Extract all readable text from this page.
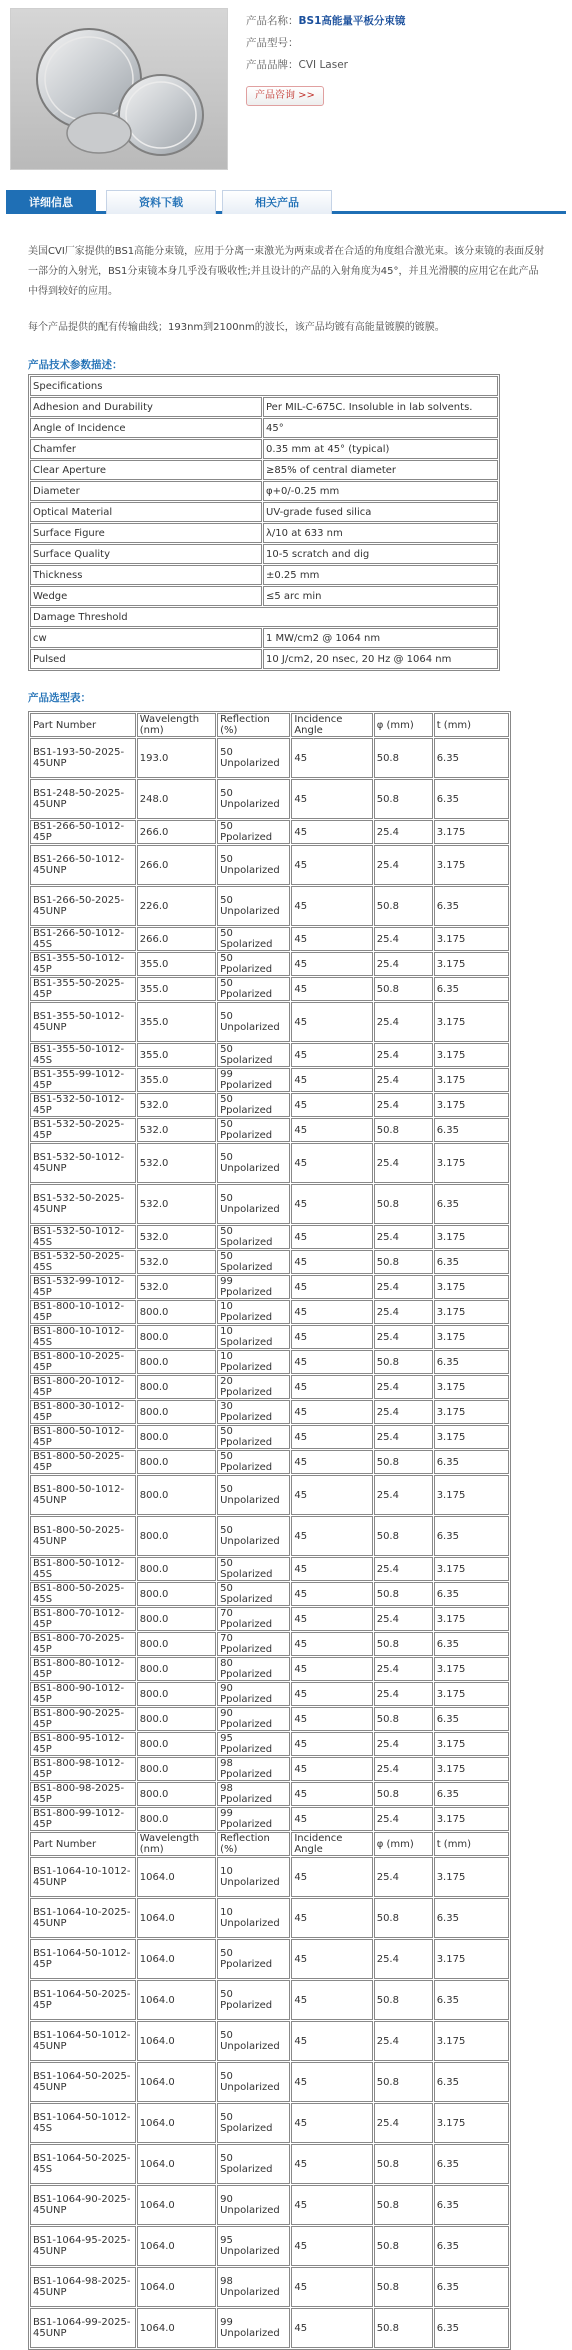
产品名称：BS1高能量平板分束镜
产品型号：
产品品牌：CVI Laser
产品咨询 >>
详细信息	资料下载	相关产品

美国CVI厂家提供的BS1高能分束镜，应用于分离一束激光为两束或者在合适的角度组合激光束。该分束镜的表面反射一部分的入射光，BS1分束镜本身几乎没有吸收性;并且设计的产品的入射角度为45°，并且光滑膜的应用它在此产品中得到较好的应用。

每个产品提供的配有传输曲线；193nm到2100nm的波长，该产品均镀有高能量镀膜的镀膜。

产品技术参数描述：
Specifications	
Adhesion and Durability	Per MIL-C-675C. Insoluble in lab solvents.
Angle of Incidence	45°
Chamfer	0.35 mm at 45° (typical)
Clear Aperture	≥85% of central diameter
Diameter	φ+0/-0.25 mm
Optical Material	UV-grade fused silica
Surface Figure	λ/10 at 633 nm
Surface Quality	10-5 scratch and dig
Thickness	±0.25 mm
Wedge	≤5 arc min
Damage Threshold	
cw	1 MW/cm2 @ 1064 nm
Pulsed	10 J/cm2, 20 nsec, 20 Hz @ 1064 nm
产品选型表：
Part Number	Wavelength (nm)	Reflection (%)	Incidence Angle	φ (mm)	t (mm)
BS1-193-50-2025-45UNP	193.0	50 Unpolarized	45	50.8	6.35
BS1-248-50-2025-45UNP	248.0	50 Unpolarized	45	50.8	6.35
BS1-266-50-1012-45P	266.0	50 Ppolarized	45	25.4	3.175
BS1-266-50-1012-45UNP	266.0	50 Unpolarized	45	25.4	3.175
BS1-266-50-2025-45UNP	226.0	50 Unpolarized	45	50.8	6.35
BS1-266-50-1012-45S	266.0	50 Spolarized	45	25.4	3.175
BS1-355-50-1012-45P	355.0	50 Ppolarized	45	25.4	3.175
BS1-355-50-2025-45P	355.0	50 Ppolarized	45	50.8	6.35
BS1-355-50-1012-45UNP	355.0	50 Unpolarized	45	25.4	3.175
BS1-355-50-1012-45S	355.0	50 Spolarized	45	25.4	3.175
BS1-355-99-1012-45P	355.0	99 Ppolarized	45	25.4	3.175
BS1-532-50-1012-45P	532.0	50 Ppolarized	45	25.4	3.175
BS1-532-50-2025-45P	532.0	50 Ppolarized	45	50.8	6.35
BS1-532-50-1012-45UNP	532.0	50 Unpolarized	45	25.4	3.175
BS1-532-50-2025-45UNP	532.0	50 Unpolarized	45	50.8	6.35
BS1-532-50-1012-45S	532.0	50 Spolarized	45	25.4	3.175
BS1-532-50-2025-45S	532.0	50 Spolarized	45	50.8	6.35
BS1-532-99-1012-45P	532.0	99 Ppolarized	45	25.4	3.175
BS1-800-10-1012-45P	800.0	10 Ppolarized	45	25.4	3.175
BS1-800-10-1012-45S	800.0	10 Spolarized	45	25.4	3.175
BS1-800-10-2025-45P	800.0	10 Ppolarized	45	50.8	6.35
BS1-800-20-1012-45P	800.0	20 Ppolarized	45	25.4	3.175
BS1-800-30-1012-45P	800.0	30 Ppolarized	45	25.4	3.175
BS1-800-50-1012-45P	800.0	50 Ppolarized	45	25.4	3.175
BS1-800-50-2025-45P	800.0	50 Ppolarized	45	50.8	6.35
BS1-800-50-1012-45UNP	800.0	50 Unpolarized	45	25.4	3.175
BS1-800-50-2025-45UNP	800.0	50 Unpolarized	45	50.8	6.35
BS1-800-50-1012-45S	800.0	50 Spolarized	45	25.4	3.175
BS1-800-50-2025-45S	800.0	50 Spolarized	45	50.8	6.35
BS1-800-70-1012-45P	800.0	70 Ppolarized	45	25.4	3.175
BS1-800-70-2025-45P	800.0	70 Ppolarized	45	50.8	6.35
BS1-800-80-1012-45P	800.0	80 Ppolarized	45	25.4	3.175
BS1-800-90-1012-45P	800.0	90 Ppolarized	45	25.4	3.175
BS1-800-90-2025-45P	800.0	90 Ppolarized	45	50.8	6.35
BS1-800-95-1012-45P	800.0	95 Ppolarized	45	25.4	3.175
BS1-800-98-1012-45P	800.0	98 Ppolarized	45	25.4	3.175
BS1-800-98-2025-45P	800.0	98 Ppolarized	45	50.8	6.35
BS1-800-99-1012-45P	800.0	99 Ppolarized	45	25.4	3.175
Part Number	Wavelength (nm)	Reflection (%)	Incidence Angle	φ (mm)	t (mm)
BS1-1064-10-1012-45UNP	1064.0	10 Unpolarized	45	25.4	3.175
BS1-1064-10-2025-45UNP	1064.0	10 Unpolarized	45	50.8	6.35
BS1-1064-50-1012-45P	1064.0	50 Ppolarized	45	25.4	3.175
BS1-1064-50-2025-45P	1064.0	50 Ppolarized	45	50.8	6.35
BS1-1064-50-1012-45UNP	1064.0	50 Unpolarized	45	25.4	3.175
BS1-1064-50-2025-45UNP	1064.0	50 Unpolarized	45	50.8	6.35
BS1-1064-50-1012-45S	1064.0	50 Spolarized	45	25.4	3.175
BS1-1064-50-2025-45S	1064.0	50 Spolarized	45	50.8	6.35
BS1-1064-90-2025-45UNP	1064.0	90 Unpolarized	45	50.8	6.35
BS1-1064-95-2025-45UNP	1064.0	95 Unpolarized	45	50.8	6.35
BS1-1064-98-2025-45UNP	1064.0	98 Unpolarized	45	50.8	6.35
BS1-1064-99-2025-45UNP	1064.0	99 Unpolarized	45	50.8	6.35
